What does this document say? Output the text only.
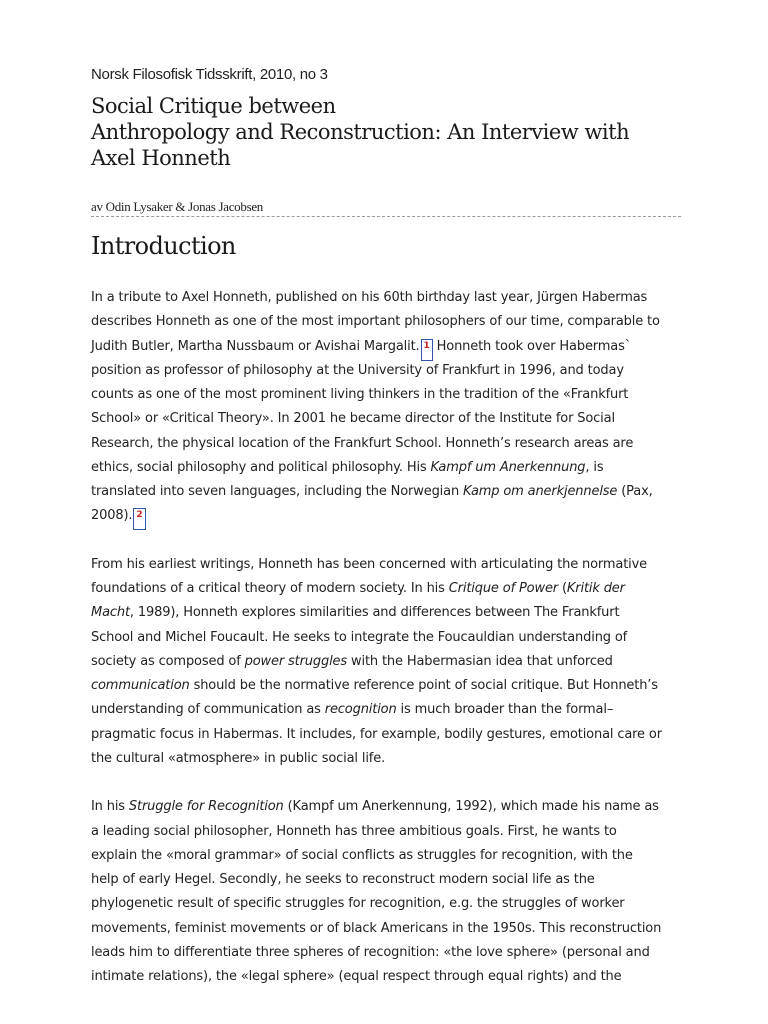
Norsk Filosofisk Tidsskrift, 2010, no 3
Social Critique between
Anthropology and Reconstruction: An Interview with
Axel Honneth
av Odin Lysaker & Jonas Jacobsen
Introduction
In a tribute to Axel Honneth, published on his 60th birthday last year, Jürgen Habermas
describes Honneth as one of the most important philosophers of our time, comparable to
Judith Butler, Martha Nussbaum or Avishai Margalit. 1 Honneth took over Habermas`
position as professor of philosophy at the University of Frankfurt in 1996, and today
counts as one of the most prominent living thinkers in the tradition of the «Frankfurt
School» or «Critical Theory». In 2001 he became director of the Institute for Social
Research, the physical location of the Frankfurt School. Honneth’s research areas are
ethics, social philosophy and political philosophy. His Kampf um Anerkennung, is
translated into seven languages, including the Norwegian Kamp om anerkjennelse (Pax,
2008). 2
From his earliest writings, Honneth has been concerned with articulating the normative
foundations of a critical theory of modern society. In his Critique of Power (Kritik der
Macht, 1989), Honneth explores similarities and differences between The Frankfurt
School and Michel Foucault. He seeks to integrate the Foucauldian understanding of
society as composed of power struggles with the Habermasian idea that unforced
communication should be the normative reference point of social critique. But Honneth’s
understanding of communication as recognition is much broader than the formal–
pragmatic focus in Habermas. It includes, for example, bodily gestures, emotional care or
the cultural «atmosphere» in public social life.
In his Struggle for Recognition (Kampf um Anerkennung, 1992), which made his name as
a leading social philosopher, Honneth has three ambitious goals. First, he wants to
explain the «moral grammar» of social conflicts as struggles for recognition, with the
help of early Hegel. Secondly, he seeks to reconstruct modern social life as the
phylogenetic result of specific struggles for recognition, e.g. the struggles of worker
movements, feminist movements or of black Americans in the 1950s. This reconstruction
leads him to differentiate three spheres of recognition: «the love sphere» (personal and
intimate relations), the «legal sphere» (equal respect through equal rights) and the
